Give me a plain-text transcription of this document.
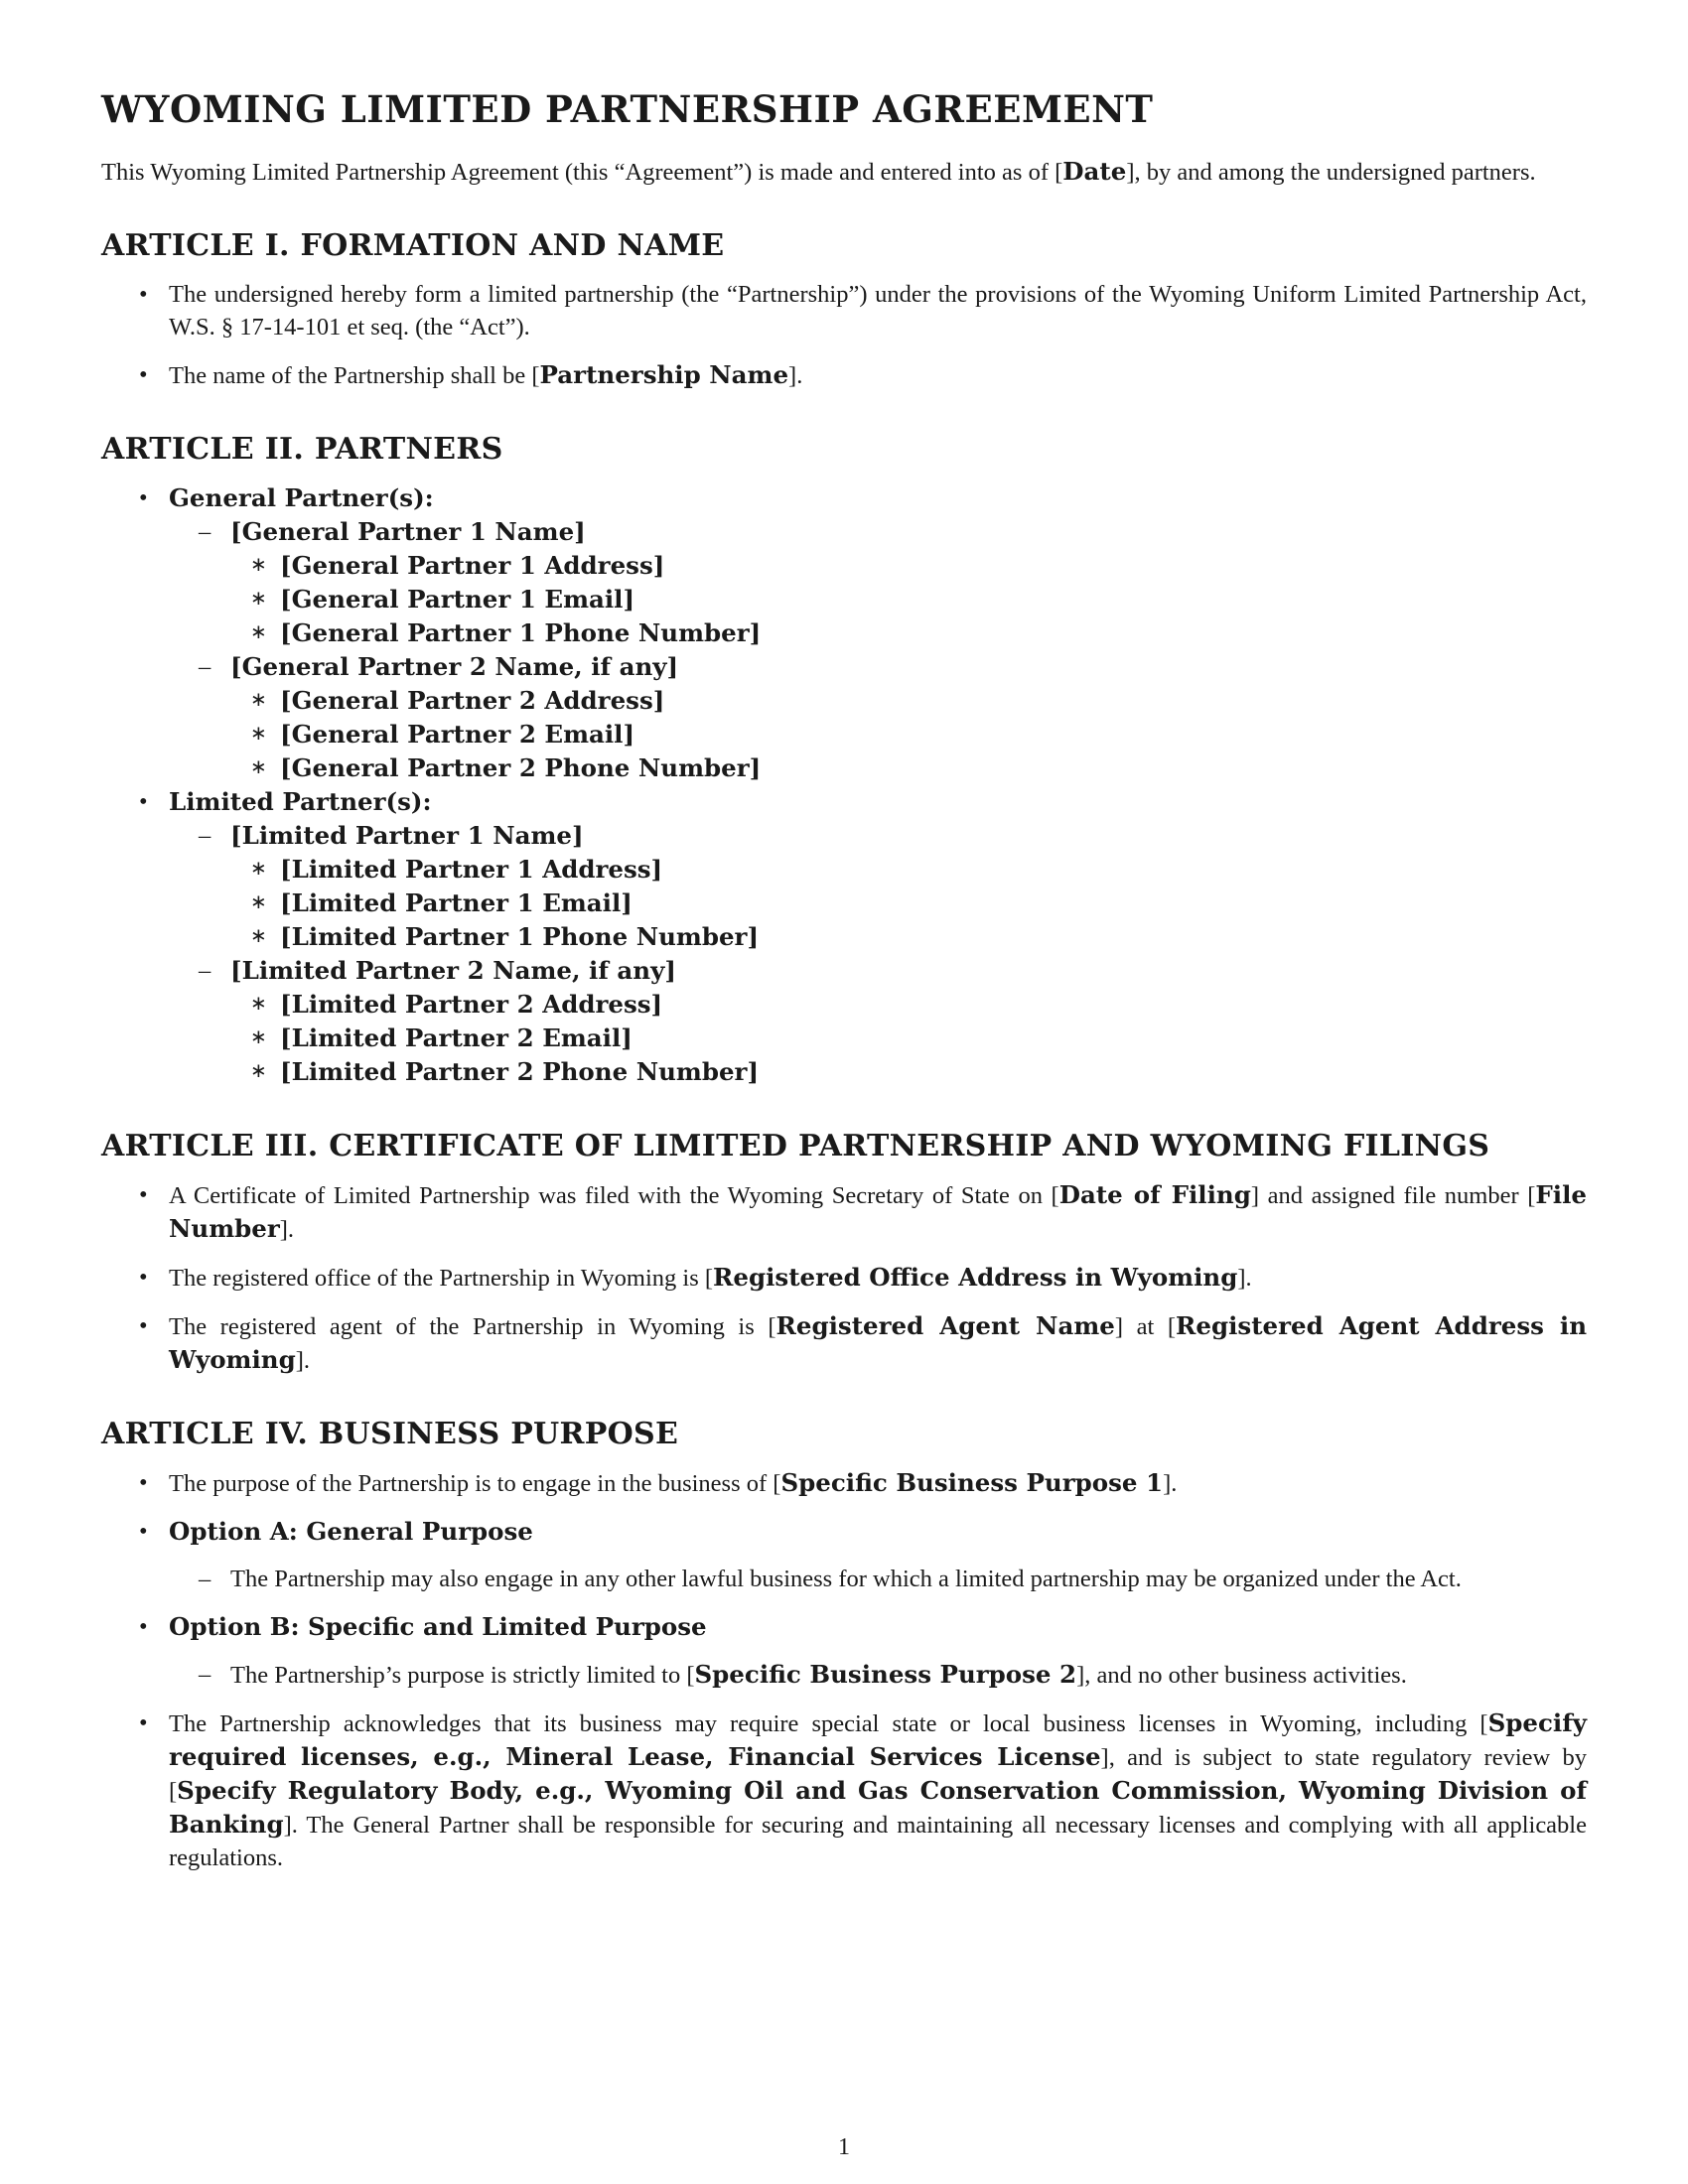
WYOMING LIMITED PARTNERSHIP AGREEMENT

This Wyoming Limited Partnership Agreement (this “Agreement”) is made and entered into as of [Date], by and among the undersigned partners.

ARTICLE I. FORMATION AND NAME
• The undersigned hereby form a limited partnership (the “Partnership”) under the provisions of the Wyoming Uniform Limited Partnership Act, W.S. § 17-14-101 et seq. (the “Act”).
• The name of the Partnership shall be [Partnership Name].
ARTICLE II. PARTNERS
• General Partner(s):
– [General Partner 1 Name]
∗ [General Partner 1 Address]
∗ [General Partner 1 Email]
∗ [General Partner 1 Phone Number]
– [General Partner 2 Name, if any]
∗ [General Partner 2 Address]
∗ [General Partner 2 Email]
∗ [General Partner 2 Phone Number]
• Limited Partner(s):
– [Limited Partner 1 Name]
∗ [Limited Partner 1 Address]
∗ [Limited Partner 1 Email]
∗ [Limited Partner 1 Phone Number]
– [Limited Partner 2 Name, if any]
∗ [Limited Partner 2 Address]
∗ [Limited Partner 2 Email]
∗ [Limited Partner 2 Phone Number]
ARTICLE III. CERTIFICATE OF LIMITED PARTNERSHIP AND WYOMING FILINGS
• A Certificate of Limited Partnership was filed with the Wyoming Secretary of State on [Date of Filing] and assigned file number [File Number].
• The registered office of the Partnership in Wyoming is [Registered Office Address in Wyoming].
• The registered agent of the Partnership in Wyoming is [Registered Agent Name] at [Registered Agent Address in Wyoming].
ARTICLE IV. BUSINESS PURPOSE
• The purpose of the Partnership is to engage in the business of [Specific Business Purpose 1].
• Option A: General Purpose
– The Partnership may also engage in any other lawful business for which a limited partnership may be organized under the Act.
• Option B: Specific and Limited Purpose
– The Partnership’s purpose is strictly limited to [Specific Business Purpose 2], and no other business activities.
• The Partnership acknowledges that its business may require special state or local business licenses in Wyoming, including [Specify required licenses, e.g., Mineral Lease, Financial Services License], and is subject to state regulatory review by [Specify Regulatory Body, e.g., Wyoming Oil and Gas Conservation Commission, Wyoming Division of Banking]. The General Partner shall be responsible for securing and maintaining all necessary licenses and complying with all applicable regulations.
1
